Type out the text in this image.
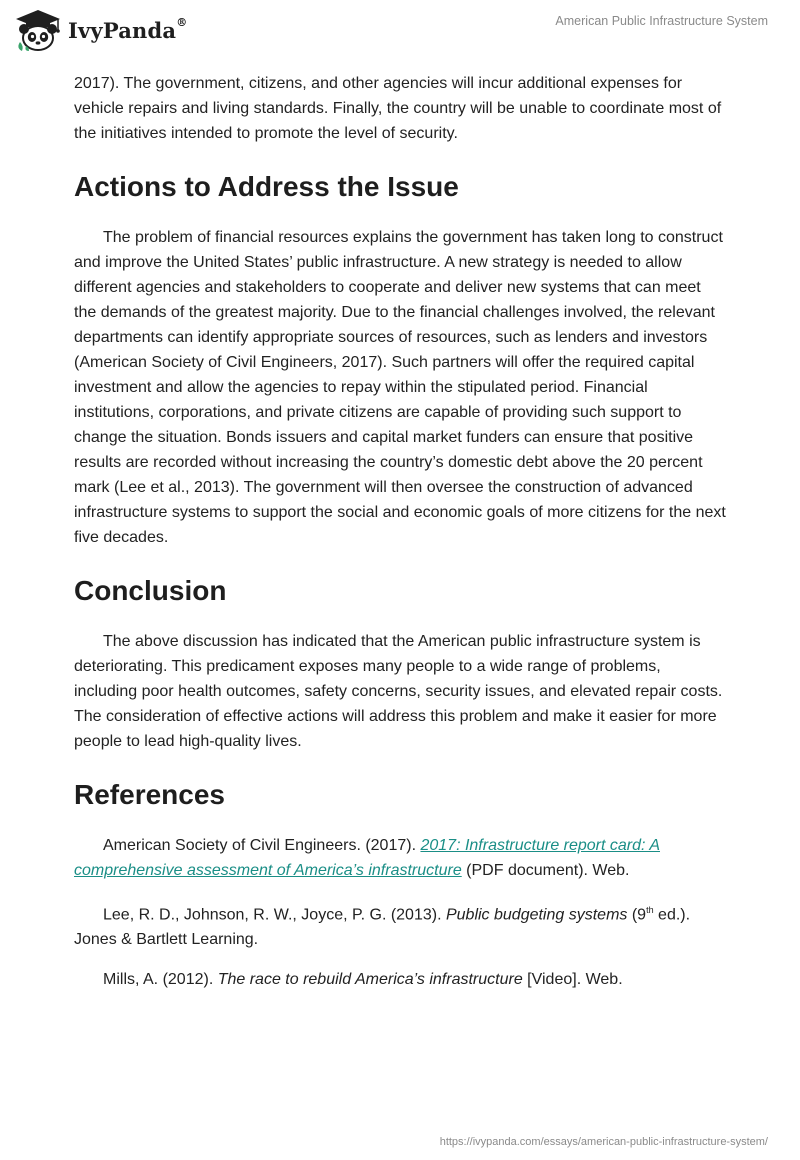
IvyPanda®	American Public Infrastructure System

2017). The government, citizens, and other agencies will incur additional expenses for vehicle repairs and living standards. Finally, the country will be unable to coordinate most of the initiatives intended to promote the level of security.

Actions to Address the Issue

The problem of financial resources explains the government has taken long to construct and improve the United States’ public infrastructure. A new strategy is needed to allow different agencies and stakeholders to cooperate and deliver new systems that can meet the demands of the greatest majority. Due to the financial challenges involved, the relevant departments can identify appropriate sources of resources, such as lenders and investors (American Society of Civil Engineers, 2017). Such partners will offer the required capital investment and allow the agencies to repay within the stipulated period. Financial institutions, corporations, and private citizens are capable of providing such support to change the situation. Bonds issuers and capital market funders can ensure that positive results are recorded without increasing the country’s domestic debt above the 20 percent mark (Lee et al., 2013). The government will then oversee the construction of advanced infrastructure systems to support the social and economic goals of more citizens for the next five decades.

Conclusion

The above discussion has indicated that the American public infrastructure system is deteriorating. This predicament exposes many people to a wide range of problems, including poor health outcomes, safety concerns, security issues, and elevated repair costs. The consideration of effective actions will address this problem and make it easier for more people to lead high-quality lives.

References

American Society of Civil Engineers. (2017). 2017: Infrastructure report card: A comprehensive assessment of America’s infrastructure (PDF document). Web.

Lee, R. D., Johnson, R. W., Joyce, P. G. (2013). Public budgeting systems (9th ed.). Jones & Bartlett Learning.

Mills, A. (2012). The race to rebuild America’s infrastructure [Video]. Web.

https://ivypanda.com/essays/american-public-infrastructure-system/
